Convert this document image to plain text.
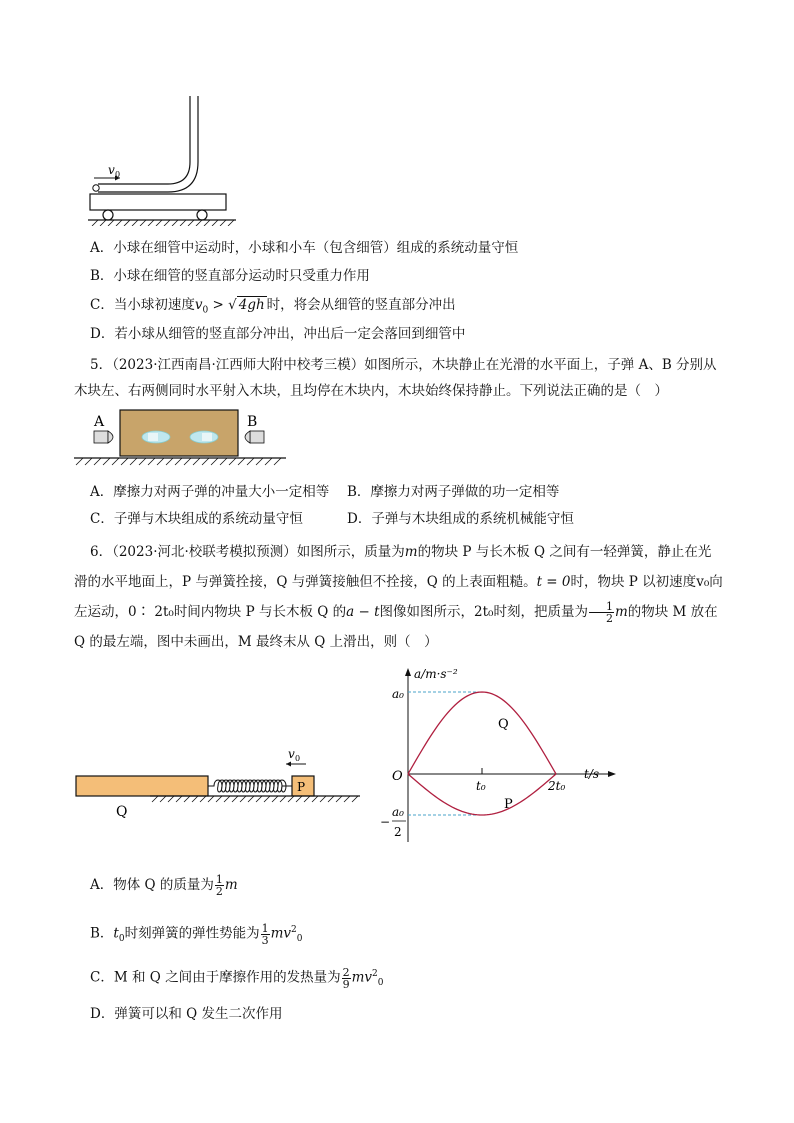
v 0
A．小球在细管中运动时，小球和小车（包含细管）组成的系统动量守恒
B．小球在细管的竖直部分运动时只受重力作用
C．当小球初速度$v_0$ > √ 4gh 时，将会从细管的竖直部分冲出
D．若小球从细管的竖直部分冲出，冲出后一定会落回到细管中
5．（2023·江西南昌·江西师大附中校考三模）如图所示，木块静止在光滑的水平面上，子弹 A、B 分别从木块左、右两侧同时水平射入木块，且均停在木块内，木块始终保持静止。下列说法正确的是（　）
A	B
A．摩擦力对两子弹的冲量大小一定相等 B．摩擦力对两子弹做的功一定相等
C．子弹与木块组成的系统动量守恒	D．子弹与木块组成的系统机械能守恒
6．（2023·河北·校联考模拟预测）如图所示，质量为m的物块 P 与长木板 Q 之间有一轻弹簧，静止在光滑的水平地面上，P 与弹簧拴接，Q 与弹簧接触但不拴接，Q 的上表面粗糙。t = 0时，物块 P 以初速度v₀向左运动，0∶ 2t₀时间内物块 P 与长木板 Q 的a − t图像如图所示，2t₀时刻，把质量为 $\frac{1}{2}$ m的物块 M 放在 Q 的最左端，图中未画出，M 最终末从 Q 上滑出，则（　）
v 0
P
Q
a/m·s⁻²
t/s
O
a₀
−
a₀
2
t₀	2t₀
Q
P
A．物体 Q 的质量为 $\frac{1}{2}$ m
B．$t_0$时刻弹簧的弹性势能为 $\frac{1}{3} mv^2_0$
C．M 和 Q 之间由于摩擦作用的发热量为 $\frac{2}{9} mv^2_0$
D．弹簧可以和 Q 发生二次作用
